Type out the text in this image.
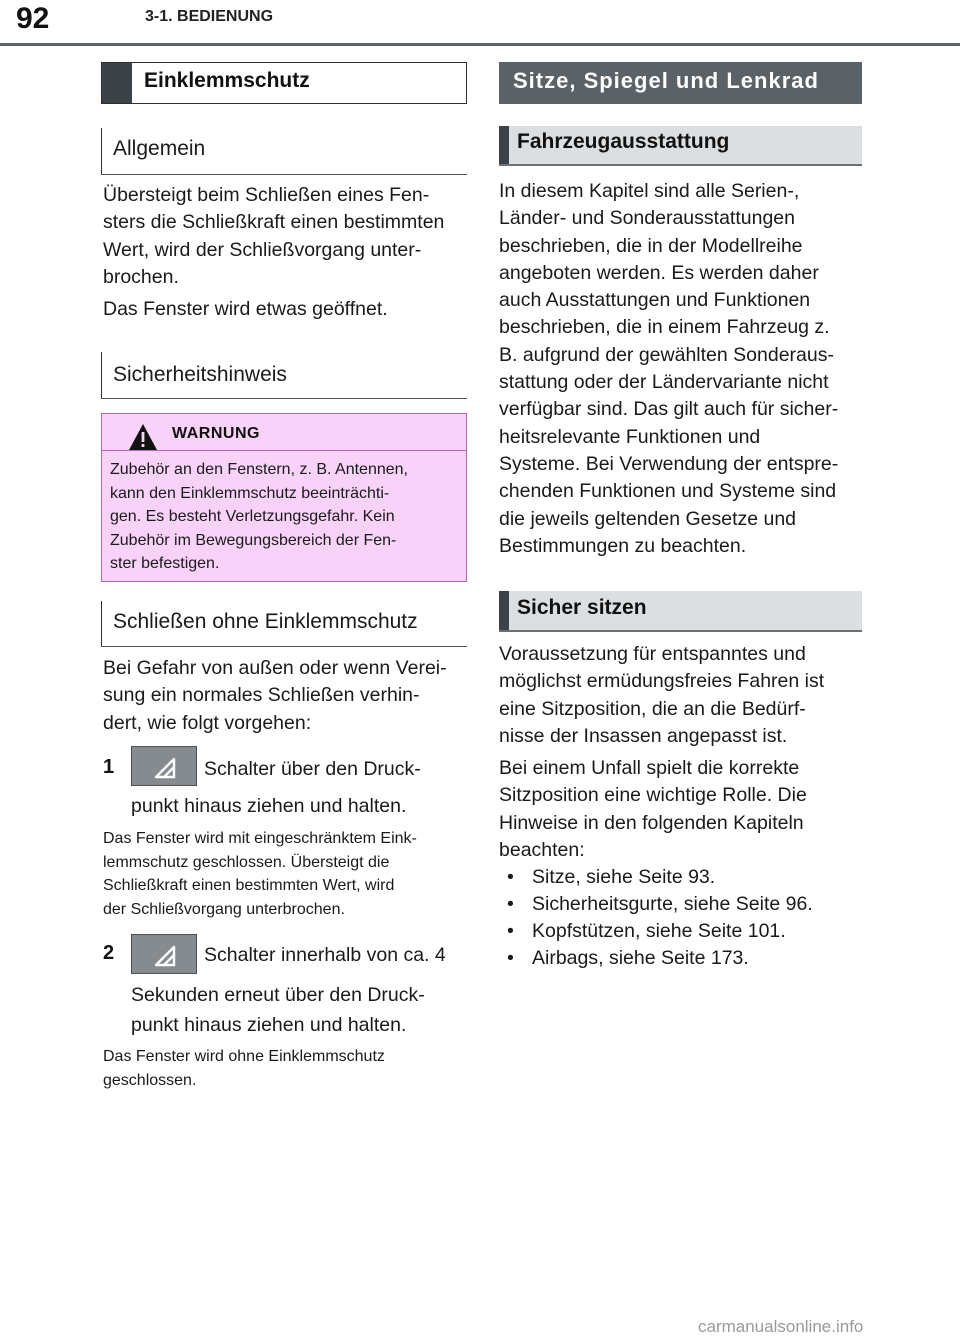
92	3-1. BEDIENUNG
Einklemmschutz
Allgemein
Übersteigt beim Schließen eines Fen-
sters die Schließkraft einen bestimmten
Wert, wird der Schließvorgang unter-
brochen.
Das Fenster wird etwas geöffnet.
Sicherheitshinweis
WARNUNG
Zubehör an den Fenstern, z. B. Antennen,
kann den Einklemmschutz beeinträchti-
gen. Es besteht Verletzungsgefahr. Kein
Zubehör im Bewegungsbereich der Fen-
ster befestigen.
Schließen ohne Einklemmschutz
Bei Gefahr von außen oder wenn Verei-
sung ein normales Schließen verhin-
dert, wie folgt vorgehen:
1	Schalter über den Druck-
punkt hinaus ziehen und halten.
Das Fenster wird mit eingeschränktem Eink-
lemmschutz geschlossen. Übersteigt die
Schließkraft einen bestimmten Wert, wird
der Schließvorgang unterbrochen.
2	Schalter innerhalb von ca. 4
Sekunden erneut über den Druck-
punkt hinaus ziehen und halten.
Das Fenster wird ohne Einklemmschutz
geschlossen.
Sitze, Spiegel und Lenkrad
Fahrzeugausstattung
In diesem Kapitel sind alle Serien-,
Länder- und Sonderausstattungen
beschrieben, die in der Modellreihe
angeboten werden. Es werden daher
auch Ausstattungen und Funktionen
beschrieben, die in einem Fahrzeug z.
B. aufgrund der gewählten Sonderaus-
stattung oder der Ländervariante nicht
verfügbar sind. Das gilt auch für sicher-
heitsrelevante Funktionen und
Systeme. Bei Verwendung der entspre-
chenden Funktionen und Systeme sind
die jeweils geltenden Gesetze und
Bestimmungen zu beachten.
Sicher sitzen
Voraussetzung für entspanntes und
möglichst ermüdungsfreies Fahren ist
eine Sitzposition, die an die Bedürf-
nisse der Insassen angepasst ist.
Bei einem Unfall spielt die korrekte
Sitzposition eine wichtige Rolle. Die
Hinweise in den folgenden Kapiteln
beachten:
• Sitze, siehe Seite 93.
• Sicherheitsgurte, siehe Seite 96.
• Kopfstützen, siehe Seite 101.
• Airbags, siehe Seite 173.
carmanualsonline.info
